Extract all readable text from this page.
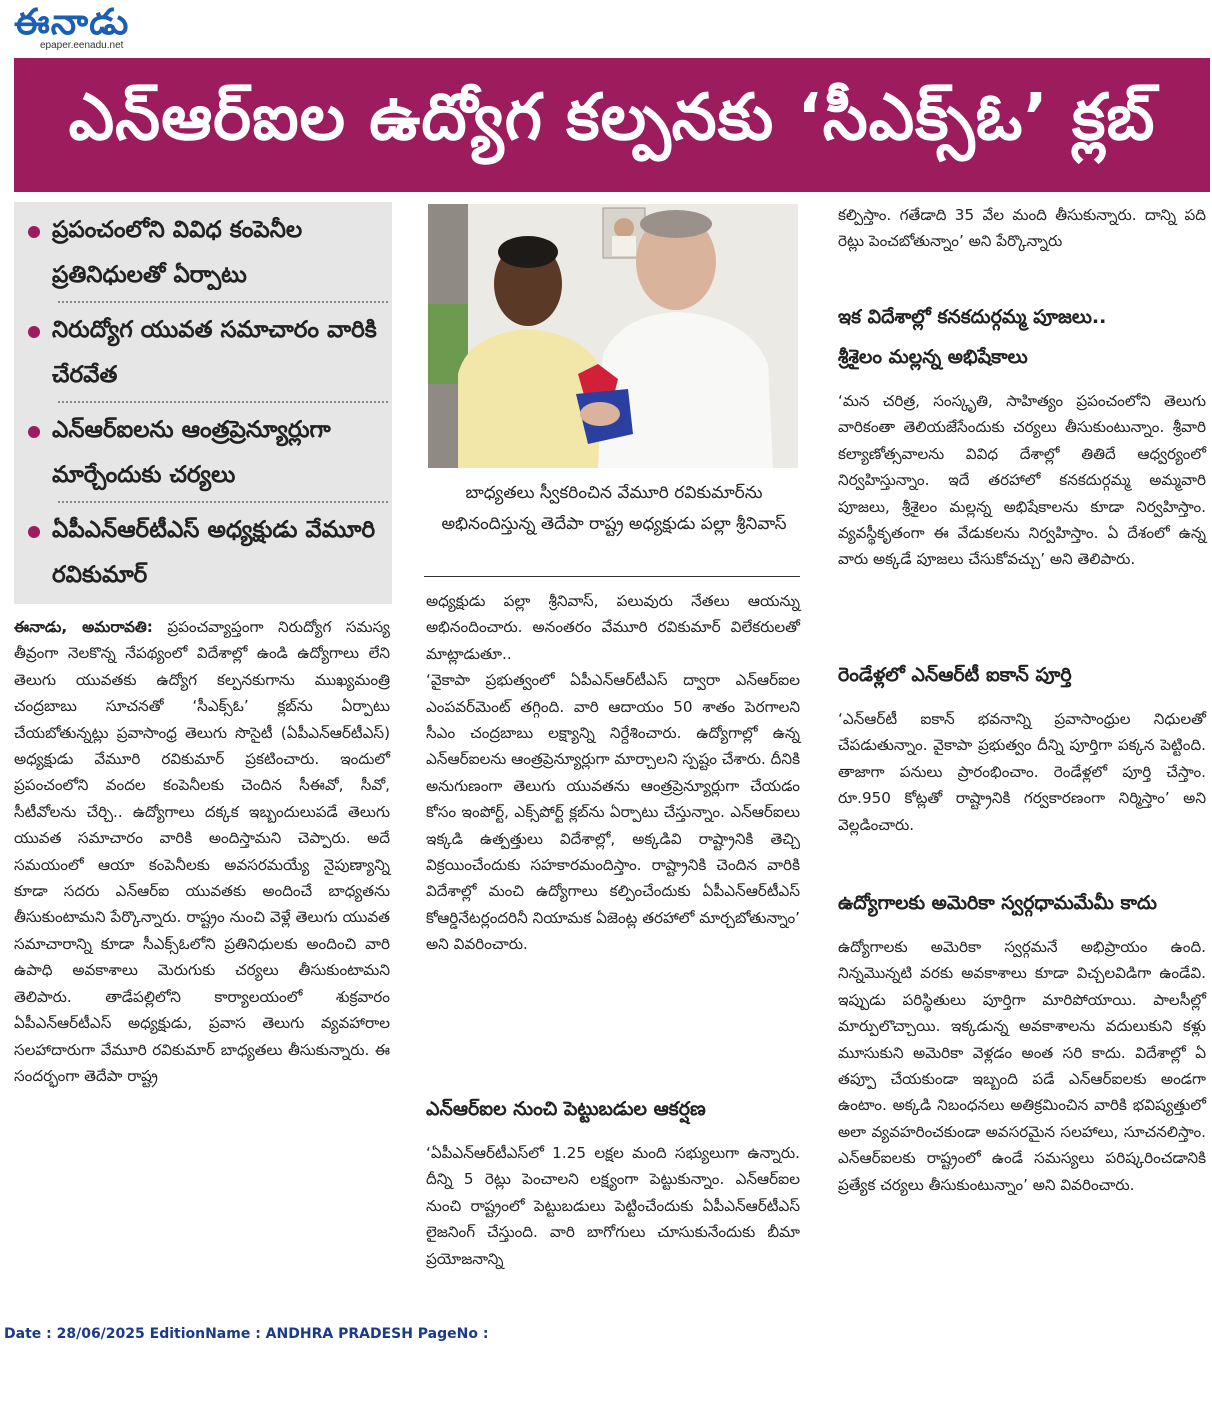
ఈనాడు
epaper.eenadu.net
ఎన్ఆర్ఐల ఉద్యోగ కల్పనకు ‘సీఎక్స్ఓ’ క్లబ్
ప్రపంచంలోని వివిధ కంపెనీల ప్రతినిధులతో ఏర్పాటు
నిరుద్యోగ యువత సమాచారం వారికి చేరవేత
ఎన్ఆర్ఐలను ఆంత్రప్రెన్యూర్లుగా మార్చేందుకు చర్యలు
ఏపీఎన్ఆర్‌టీఎస్ అధ్యక్షుడు వేమూరి రవికుమార్

ఈనాడు, అమరావతి: ప్రపంచవ్యాప్తంగా నిరుద్యోగ సమస్య తీవ్రంగా నెలకొన్న నేపథ్యంలో విదేశాల్లో ఉండి ఉద్యోగాలు లేని తెలుగు యువతకు ఉద్యోగ కల్పనకుగాను ముఖ్యమంత్రి చంద్రబాబు సూచనతో ‘సీఎక్స్ఓ’ క్లబ్‌ను ఏర్పాటు చేయబోతున్నట్లు ప్రవాసాంధ్ర తెలుగు సొసైటీ (ఏపీఎన్ఆర్‌టీఎస్) అధ్యక్షుడు వేమూరి రవికుమార్ ప్రకటించారు. ఇందులో ప్రపంచంలోని వందల కంపెనీలకు చెందిన సీఈవో, సీవో, సీటీవోలను చేర్చి.. ఉద్యోగాలు దక్కక ఇబ్బందులుపడే తెలుగు యువత సమాచారం వారికి అందిస్తామని చెప్పారు. అదే సమయంలో ఆయా కంపెనీలకు అవసరమయ్యే నైపుణ్యాన్ని కూడా సదరు ఎన్ఆర్ఐ యువతకు అందించే బాధ్యతను తీసుకుంటామని పేర్కొన్నారు. రాష్ట్రం నుంచి వెళ్లే తెలుగు యువత సమాచారాన్ని కూడా సీఎక్స్ఓలోని ప్రతినిధులకు అందించి వారి ఉపాధి అవకాశాలు మెరుగుకు చర్యలు తీసుకుంటామని తెలిపారు. తాడేపల్లిలోని కార్యాలయంలో శుక్రవారం ఏపీఎన్ఆర్‌టీఎస్ అధ్యక్షుడు, ప్రవాస తెలుగు వ్యవహారాల సలహాదారుగా వేమూరి రవికుమార్ బాధ్యతలు తీసుకున్నారు. ఈ సందర్భంగా తెదేపా రాష్ట్ర

బాధ్యతలు స్వీకరించిన వేమూరి రవికుమార్‌ను అభినందిస్తున్న తెదేపా రాష్ట్ర అధ్యక్షుడు పల్లా శ్రీనివాస్

అధ్యక్షుడు పల్లా శ్రీనివాస్, పలువురు నేతలు ఆయన్ను అభినందించారు. అనంతరం వేమూరి రవికుమార్ విలేకరులతో మాట్లాడుతూ..

‘వైకాపా ప్రభుత్వంలో ఏపీఎన్ఆర్‌టీఎస్ ద్వారా ఎన్ఆర్ఐల ఎంపవర్‌మెంట్ తగ్గింది. వారి ఆదాయం 50 శాతం పెరగాలని సీఎం చంద్రబాబు లక్ష్యాన్ని నిర్దేశించారు. ఉద్యోగాల్లో ఉన్న ఎన్ఆర్ఐలను ఆంత్రప్రెన్యూర్లుగా మార్చాలని స్పష్టం చేశారు. దీనికి అనుగుణంగా తెలుగు యువతను ఆంత్రప్రెన్యూర్లుగా చేయడం కోసం ఇంపోర్ట్, ఎక్స్‌పోర్ట్ క్లబ్‌ను ఏర్పాటు చేస్తున్నాం. ఎన్ఆర్ఐలు ఇక్కడి ఉత్పత్తులు విదేశాల్లో, అక్కడివి రాష్ట్రానికి తెచ్చి విక్రయించేందుకు సహకారమందిస్తాం. రాష్ట్రానికి చెందిన వారికి విదేశాల్లో మంచి ఉద్యోగాలు కల్పించేందుకు ఏపీఎన్ఆర్‌టీఎస్ కోఆర్డినేటర్లందరినీ నియామక ఏజెంట్ల తరహాలో మార్చబోతున్నాం’ అని వివరించారు.

ఎన్ఆర్ఐల నుంచి పెట్టుబడుల ఆకర్షణ

‘ఏపీఎన్ఆర్‌టీఎస్‌లో 1.25 లక్షల మంది సభ్యులుగా ఉన్నారు. దీన్ని 5 రెట్లు పెంచాలని లక్ష్యంగా పెట్టుకున్నాం. ఎన్ఆర్ఐల నుంచి రాష్ట్రంలో పెట్టుబడులు పెట్టించేందుకు ఏపీఎన్ఆర్‌టీఎస్ లైజనింగ్ చేస్తుంది. వారి బాగోగులు చూసుకునేందుకు బీమా ప్రయోజనాన్ని

కల్పిస్తాం. గతేడాది 35 వేల మంది తీసుకున్నారు. దాన్ని పది రెట్లు పెంచబోతున్నాం’ అని పేర్కొన్నారు

ఇక విదేశాల్లో కనకదుర్గమ్మ పూజలు..
శ్రీశైలం మల్లన్న అభిషేకాలు

‘మన చరిత్ర, సంస్కృతి, సాహిత్యం ప్రపంచంలోని తెలుగు వారికంతా తెలియజేసేందుకు చర్యలు తీసుకుంటున్నాం. శ్రీవారి కల్యాణోత్సవాలను వివిధ దేశాల్లో తితిదే ఆధ్వర్యంలో నిర్వహిస్తున్నాం. ఇదే తరహాలో కనకదుర్గమ్మ అమ్మవారి పూజలు, శ్రీశైలం మల్లన్న అభిషేకాలను కూడా నిర్వహిస్తాం. వ్యవస్థీకృతంగా ఈ వేడుకలను నిర్వహిస్తాం. ఏ దేశంలో ఉన్న వారు అక్కడే పూజలు చేసుకోవచ్చు’ అని తెలిపారు.

రెండేళ్లలో ఎన్ఆర్‌టీ ఐకాన్ పూర్తి

‘ఎన్ఆర్‌టీ ఐకాన్ భవనాన్ని ప్రవాసాంధ్రుల నిధులతో చేపడుతున్నాం. వైకాపా ప్రభుత్వం దీన్ని పూర్తిగా పక్కన పెట్టింది. తాజాగా పనులు ప్రారంభించాం. రెండేళ్లలో పూర్తి చేస్తాం. రూ.950 కోట్లతో రాష్ట్రానికి గర్వకారణంగా నిర్మిస్తాం’ అని వెల్లడించారు.

ఉద్యోగాలకు అమెరికా స్వర్గధామమేమీ కాదు

ఉద్యోగాలకు అమెరికా స్వర్గమనే అభిప్రాయం ఉంది. నిన్నమొన్నటి వరకు అవకాశాలు కూడా విచ్చలవిడిగా ఉండేవి. ఇప్పుడు పరిస్థితులు పూర్తిగా మారిపోయాయి. పాలసీల్లో మార్పులొచ్చాయి. ఇక్కడున్న అవకాశాలను వదులుకుని కళ్లు మూసుకుని అమెరికా వెళ్లడం అంత సరి కాదు. విదేశాల్లో ఏ తప్పూ చేయకుండా ఇబ్బంది పడే ఎన్ఆర్ఐలకు అండగా ఉంటాం. అక్కడి నిబంధనలు అతిక్రమించిన వారికి భవిష్యత్తులో అలా వ్యవహరించకుండా అవసరమైన సలహాలు, సూచనలిస్తాం. ఎన్ఆర్ఐలకు రాష్ట్రంలో ఉండే సమస్యలు పరిష్కరించడానికి ప్రత్యేక చర్యలు తీసుకుంటున్నాం’ అని వివరించారు.

Date : 28/06/2025 EditionName : ANDHRA PRADESH PageNo :
